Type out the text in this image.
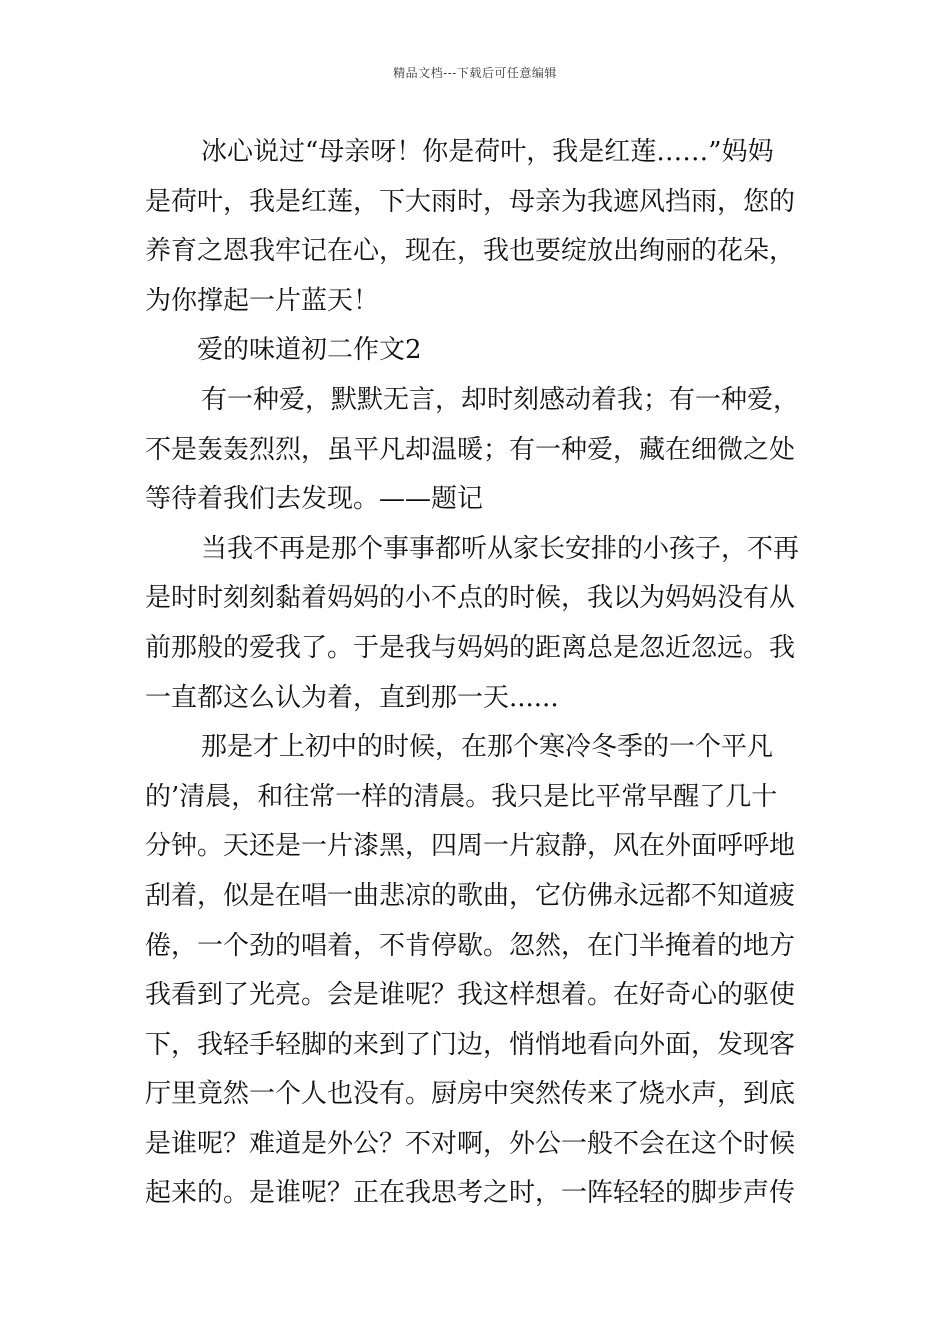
精品文档---下载后可任意编辑
冰心说过“母亲呀！你是荷叶，我是红莲……”妈妈
是荷叶，我是红莲，下大雨时，母亲为我遮风挡雨，您的
养育之恩我牢记在心，现在，我也要绽放出绚丽的花朵，
为你撑起一片蓝天！
爱的味道初二作文2
有一种爱，默默无言，却时刻感动着我；有一种爱，
不是轰轰烈烈，虽平凡却温暖；有一种爱，藏在细微之处
等待着我们去发现。——题记
当我不再是那个事事都听从家长安排的小孩子，不再
是时时刻刻黏着妈妈的小不点的时候，我以为妈妈没有从
前那般的爱我了。于是我与妈妈的距离总是忽近忽远。我
一直都这么认为着，直到那一天......
那是才上初中的时候，在那个寒冷冬季的一个平凡
的’清晨，和往常一样的清晨。我只是比平常早醒了几十
分钟。天还是一片漆黑，四周一片寂静，风在外面呼呼地
刮着，似是在唱一曲悲凉的歌曲，它仿佛永远都不知道疲
倦，一个劲的唱着，不肯停歇。忽然，在门半掩着的地方
我看到了光亮。会是谁呢？我这样想着。在好奇心的驱使
下，我轻手轻脚的来到了门边，悄悄地看向外面，发现客
厅里竟然一个人也没有。厨房中突然传来了烧水声，到底
是谁呢？难道是外公？不对啊，外公一般不会在这个时候
起来的。是谁呢？正在我思考之时，一阵轻轻的脚步声传
